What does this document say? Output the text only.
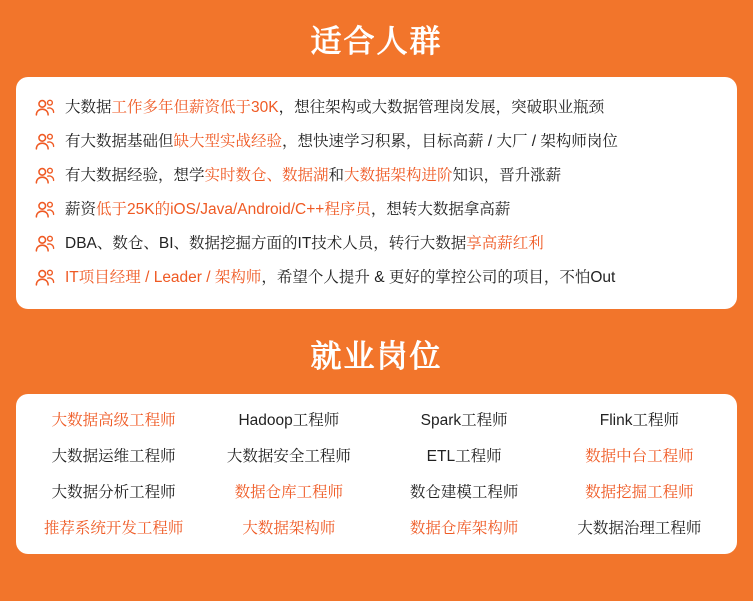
适合人群
大数据工作多年但薪资低于30K，想往架构或大数据管理岗发展，突破职业瓶颈
有大数据基础但缺大型实战经验，想快速学习积累，目标高薪 / 大厂 / 架构师岗位
有大数据经验，想学实时数仓、数据湖和大数据架构进阶知识，晋升涨薪
薪资低于25K的iOS/Java/Android/C++程序员，想转大数据拿高薪
DBA、数仓、BI、数据挖掘方面的IT技术人员，转行大数据享高薪红利
IT项目经理 / Leader / 架构师，希望个人提升 & 更好的掌控公司的项目，不怕Out
就业岗位
大数据高级工程师	Hadoop工程师	Spark工程师	Flink工程师
大数据运维工程师	大数据安全工程师	ETL工程师	数据中台工程师
大数据分析工程师	数据仓库工程师	数仓建模工程师	数据挖掘工程师
推荐系统开发工程师	大数据架构师	数据仓库架构师	大数据治理工程师
